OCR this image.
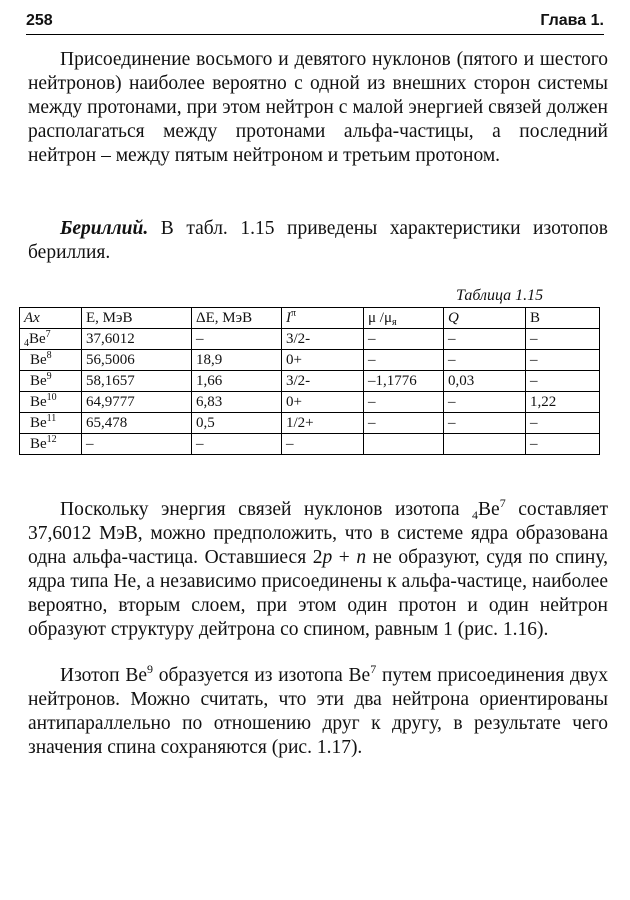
258	Глава 1.

Присоединение восьмого и девятого нуклонов (пятого и шестого нейтронов) наиболее вероятно с одной из внешних сторон системы между протонами, при этом нейтрон с малой энергией связей должен располагаться между протонами альфа-частицы, а последний нейтрон – между пятым нейтроном и третьим протоном.

Бериллий. В табл. 1.15 приведены характеристики изотопов бериллия.

Таблица 1.15
Ax	E, МэВ	ΔE, МэВ	$I^\pi$	μ $/\mu_я$	Q	B
$_4Be^7$	37,6012	–	3/2-	–	–	–
Be$^8$	56,5006	18,9	0+	–	–	–
Be$^9$	58,1657	1,66	3/2-	–1,1776	0,03	–
Be$^{10}$	64,9777	6,83	0+	–	–	1,22
Be$^{11}$	65,478	0,5	1/2+	–	–	–
Be$^{12}$	–	–	–			–

Поскольку энергия связей нуклонов изотопа $_4Be^7$ составляет 37,6012 МэВ, можно предположить, что в системе ядра образована одна альфа-частица. Оставшиеся 2p + n не образуют, судя по спину, ядра типа Не, а независимо присоединены к альфа-частице, наиболее вероятно, вторым слоем, при этом один протон и один нейтрон образуют структуру дейтрона со спином, равным 1 (рис. 1.16).

Изотоп Be$^9$ образуется из изотопа Be$^7$ путем присоединения двух нейтронов. Можно считать, что эти два нейтрона ориентированы антипараллельно по отношению друг к другу, в результате чего значения спина сохраняются (рис. 1.17).
